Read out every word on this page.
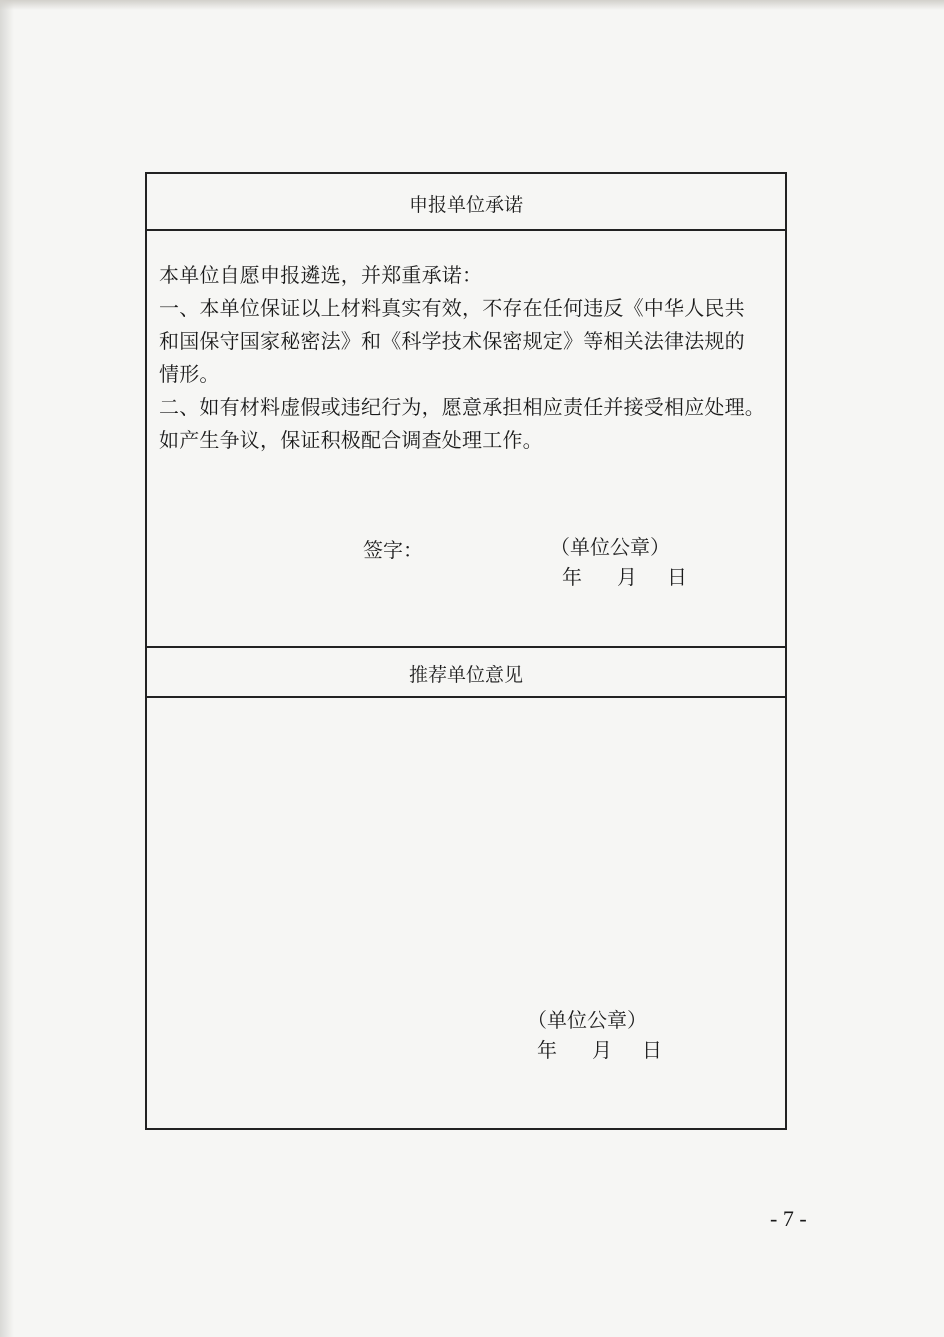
申报单位承诺

本单位自愿申报遴选，并郑重承诺：

一、本单位保证以上材料真实有效，不存在任何违反《中华人民共

和国保守国家秘密法》和《科学技术保密规定》等相关法律法规的

情形。

二、如有材料虚假或违纪行为，愿意承担相应责任并接受相应处理。

如产生争议，保证积极配合调查处理工作。

签字：	（单位公章）
年	月	日
推荐单位意见
（单位公章）
年	月	日
- 7 -
